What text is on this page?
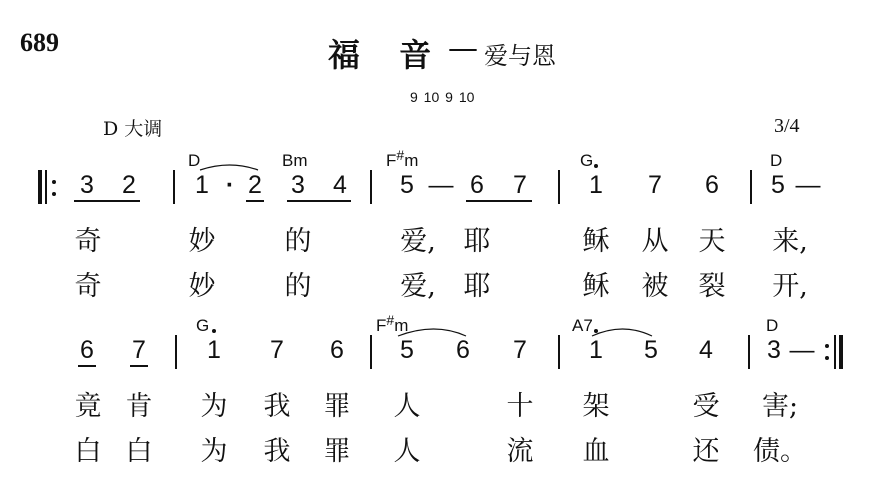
689	福 音 — 爱与恩
9 10 9 10
D 大调	3/4
D	Bm	F#m	G	D
3 2 1 · 2 3 4 5 — 6 7 1 7 6 5 —
奇	妙	的	爱, 耶	稣 从 天 来,
奇	妙	的	爱, 耶	稣 被 裂 开,
G	F#m	A7	D
6 7 1 7 6 5 6 7 1 5 4 3 —
竟 肯 为 我 罪 人	十 架	受 害;
白 白 为 我 罪 人	流 血	还 债。
